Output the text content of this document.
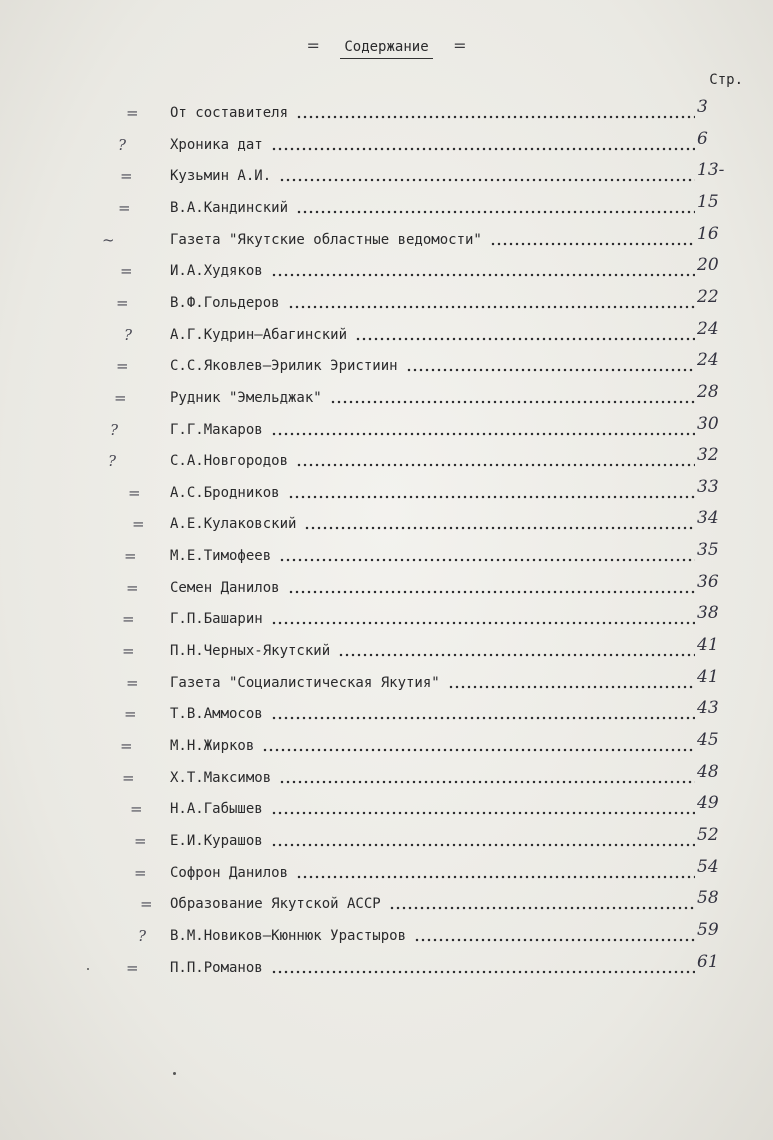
= Содержание =
Стр.
=	От составителя	3
?	Хроника дат	6
=	Кузьмин А.И.	13-
=	В.А.Кандинский	15
~	Газета "Якутские областные ведомости"	16
=	И.А.Худяков	20
=	В.Ф.Гольдеров	22
?	А.Г.Кудрин—Абагинский	24
=	С.С.Яковлев—Эрилик Эристиин	24
=	Рудник "Эмельджак"	28
?	Г.Г.Макаров	30
?	С.А.Новгородов	32
=	А.С.Бродников	33
=	А.Е.Кулаковский	34
=	М.Е.Тимофеев	35
=	Семен Данилов	36
=	Г.П.Башарин	38
=	П.Н.Черных-Якутский	41
=	Газета "Социалистическая Якутия"	41
=	Т.В.Аммосов	43
=	М.Н.Жирков	45
=	Х.Т.Максимов	48
=	Н.А.Габышев	49
=	Е.И.Курашов	52
=	Софрон Данилов	54
=	Образование Якутской АССР	58
?	В.М.Новиков—Кюннюк Урастыров	59
=	П.П.Романов	61
